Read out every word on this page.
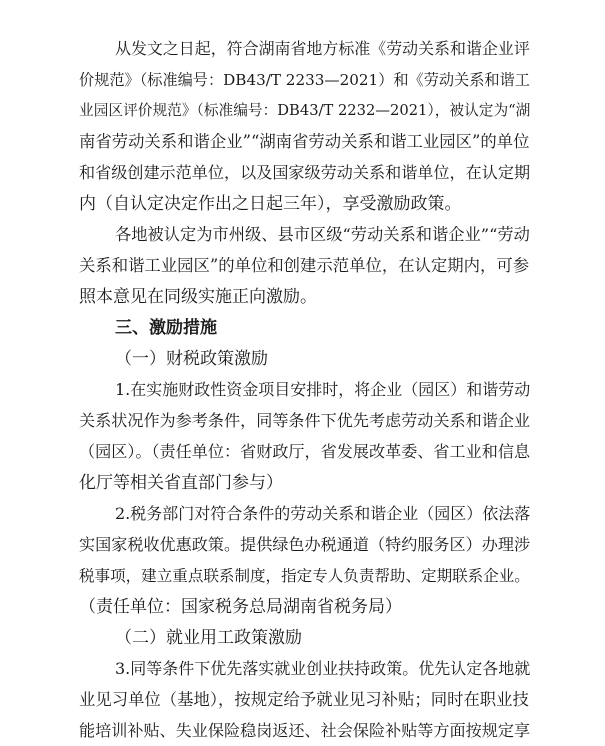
从发文之日起，符合湖南省地方标准《劳动关系和谐企业评
价规范》（标准编号：DB43/T 2233—2021）和《劳动关系和谐工
业园区评价规范》（标准编号：DB43/T 2232—2021），被认定为“湖
南省劳动关系和谐企业”“湖南省劳动关系和谐工业园区”的单位
和省级创建示范单位，以及国家级劳动关系和谐单位，在认定期
内（自认定决定作出之日起三年），享受激励政策。
各地被认定为市州级、县市区级“劳动关系和谐企业”“劳动
关系和谐工业园区”的单位和创建示范单位，在认定期内，可参
照本意见在同级实施正向激励。
三、激励措施
（一）财税政策激励
1.在实施财政性资金项目安排时，将企业（园区）和谐劳动
关系状况作为参考条件，同等条件下优先考虑劳动关系和谐企业
（园区）。（责任单位：省财政厅，省发展改革委、省工业和信息
化厅等相关省直部门参与）
2.税务部门对符合条件的劳动关系和谐企业（园区）依法落
实国家税收优惠政策。提供绿色办税通道（特约服务区）办理涉
税事项，建立重点联系制度，指定专人负责帮助、定期联系企业。
（责任单位：国家税务总局湖南省税务局）
（二）就业用工政策激励
3.同等条件下优先落实就业创业扶持政策。优先认定各地就
业见习单位（基地），按规定给予就业见习补贴；同时在职业技
能培训补贴、失业保险稳岗返还、社会保险补贴等方面按规定享
